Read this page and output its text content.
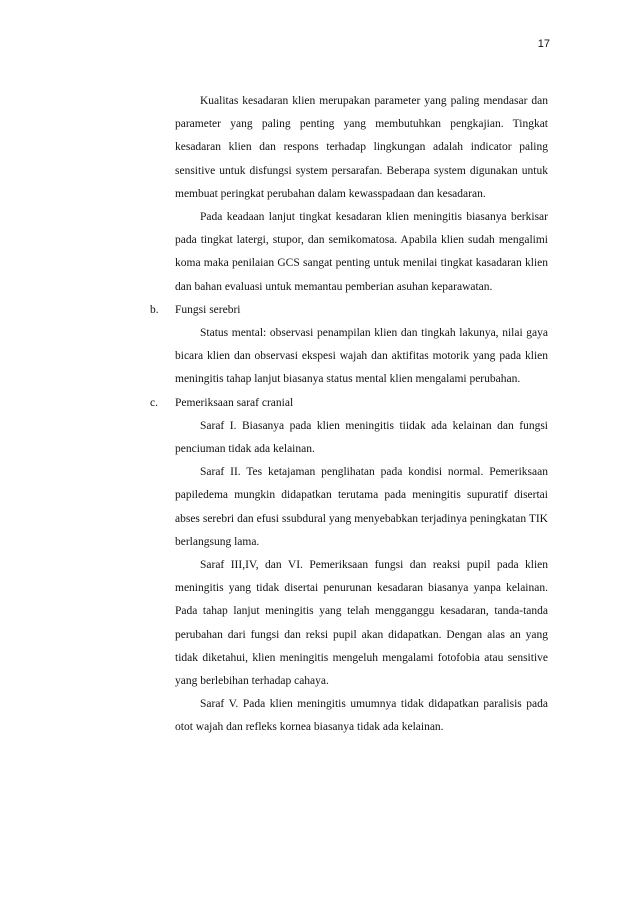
17

Kualitas kesadaran klien merupakan parameter yang paling mendasar dan parameter yang paling penting yang membutuhkan pengkajian. Tingkat kesadaran klien dan respons terhadap lingkungan adalah indicator paling sensitive untuk disfungsi system persarafan. Beberapa system digunakan untuk membuat peringkat perubahan dalam kewasspadaan dan kesadaran.

Pada keadaan lanjut tingkat kesadaran klien meningitis biasanya berkisar pada tingkat latergi, stupor, dan semikomatosa. Apabila klien sudah mengalimi koma maka penilaian GCS sangat penting untuk menilai tingkat kasadaran klien dan bahan evaluasi untuk memantau pemberian asuhan keparawatan.

b. Fungsi serebri

Status mental: observasi penampilan klien dan tingkah lakunya, nilai gaya bicara klien dan observasi ekspesi wajah dan aktifitas motorik yang pada klien meningitis tahap lanjut biasanya status mental klien mengalami perubahan.

c. Pemeriksaan saraf cranial

Saraf I. Biasanya pada klien meningitis tiidak ada kelainan dan fungsi penciuman tidak ada kelainan.

Saraf II. Tes ketajaman penglihatan pada kondisi normal. Pemeriksaan papiledema mungkin didapatkan terutama pada meningitis supuratif disertai abses serebri dan efusi ssubdural yang menyebabkan terjadinya peningkatan TIK berlangsung lama.

Saraf III,IV, dan VI. Pemeriksaan fungsi dan reaksi pupil pada klien meningitis yang tidak disertai penurunan kesadaran biasanya yanpa kelainan. Pada tahap lanjut meningitis yang telah mengganggu kesadaran, tanda-tanda perubahan dari fungsi dan reksi pupil akan didapatkan. Dengan alas an yang tidak diketahui, klien meningitis mengeluh mengalami fotofobia atau sensitive yang berlebihan terhadap cahaya.

Saraf V. Pada klien meningitis umumnya tidak didapatkan paralisis pada otot wajah dan refleks kornea biasanya tidak ada kelainan.
